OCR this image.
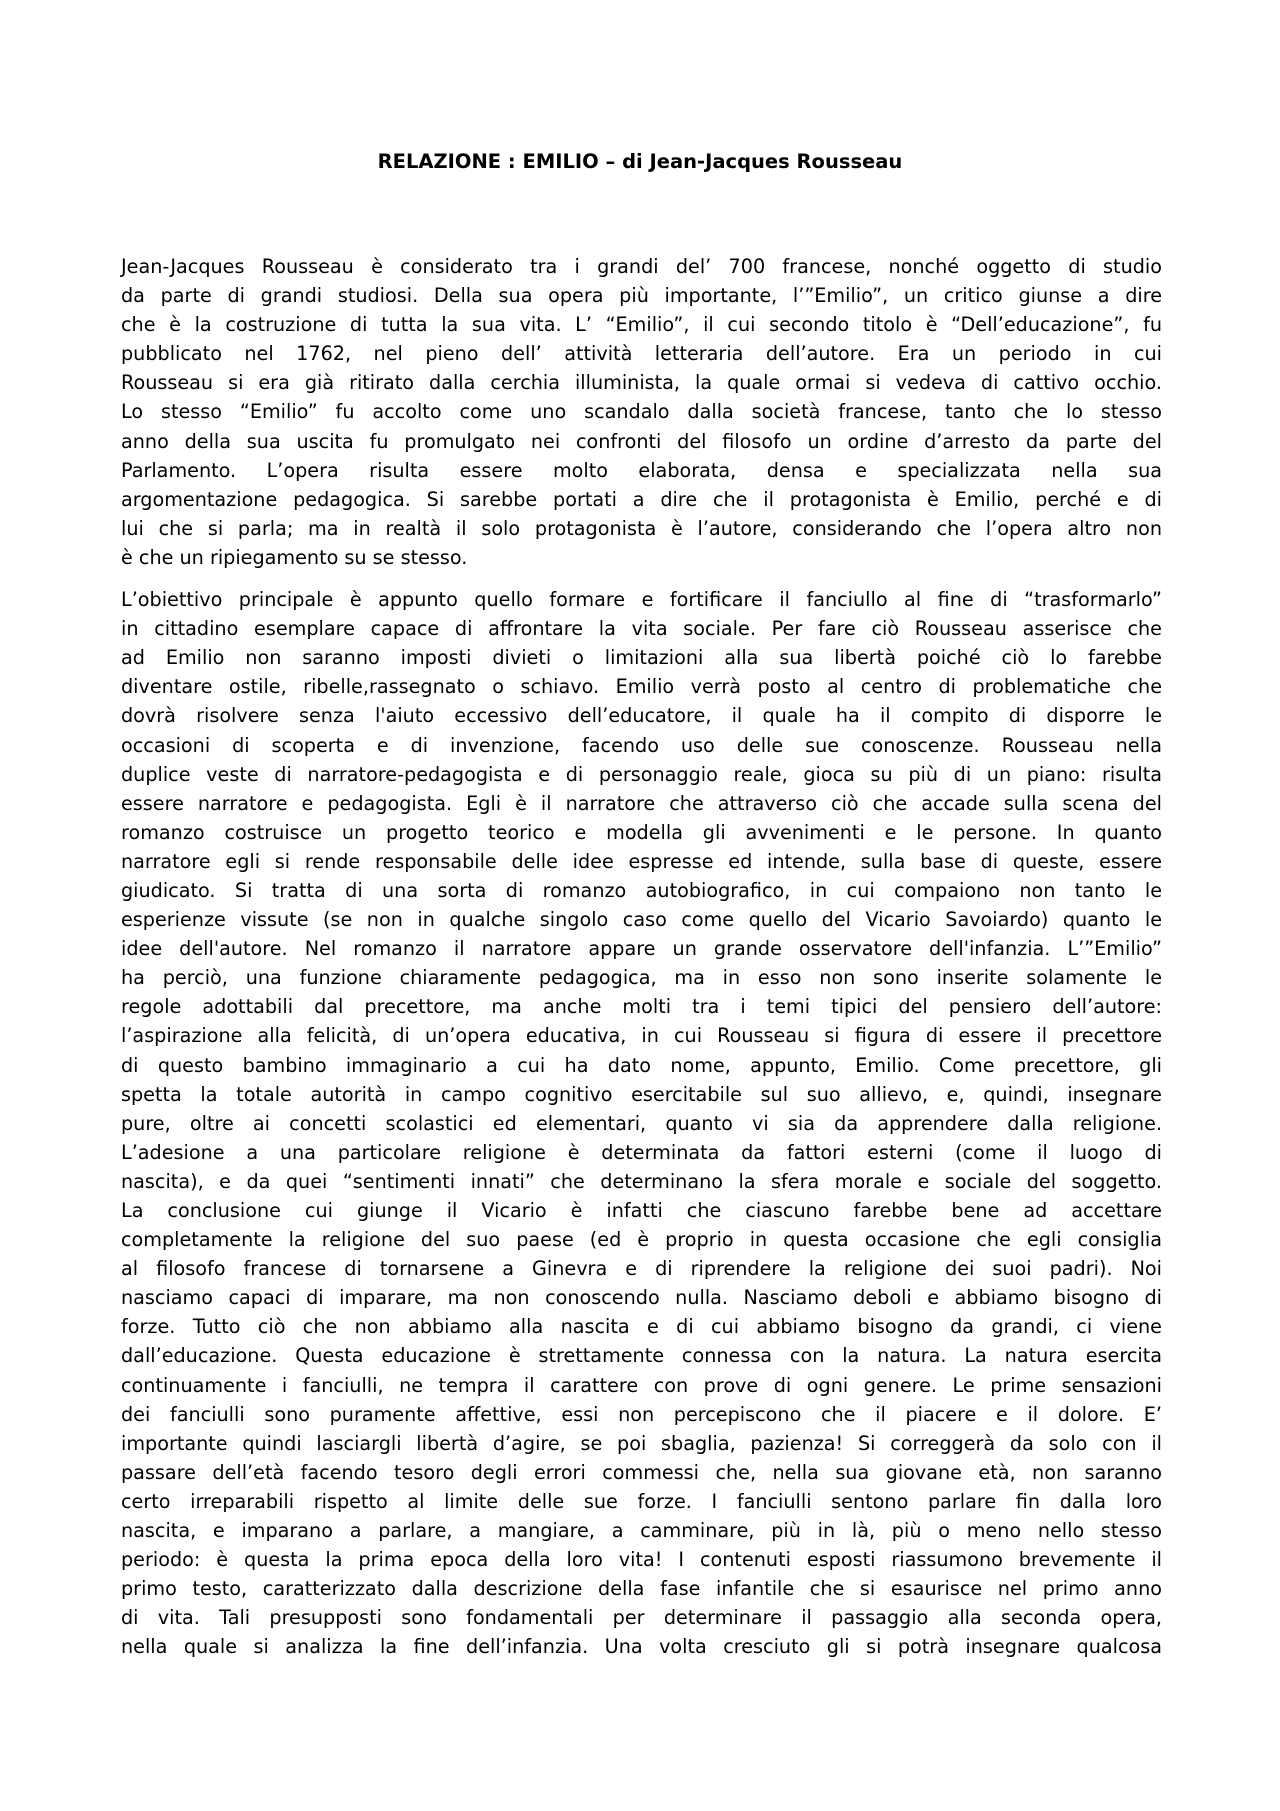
RELAZIONE : EMILIO – di Jean-Jacques Rousseau

Jean-Jacques Rousseau è considerato tra i grandi del’ 700 francese, nonché oggetto di studio
da parte di grandi studiosi. Della sua opera più importante, l’”Emilio”, un critico giunse a dire
che è la costruzione di tutta la sua vita. L’ “Emilio”, il cui secondo titolo è “Dell’educazione”, fu
pubblicato nel 1762, nel pieno dell’ attività letteraria dell’autore. Era un periodo in cui
Rousseau si era già ritirato dalla cerchia illuminista, la quale ormai si vedeva di cattivo occhio.
Lo stesso “Emilio” fu accolto come uno scandalo dalla società francese, tanto che lo stesso
anno della sua uscita fu promulgato nei confronti del filosofo un ordine d’arresto da parte del
Parlamento. L’opera risulta essere molto elaborata, densa e specializzata nella sua
argomentazione pedagogica. Si sarebbe portati a dire che il protagonista è Emilio, perché e di
lui che si parla; ma in realtà il solo protagonista è l’autore, considerando che l’opera altro non
è che un ripiegamento su se stesso.

L’obiettivo principale è appunto quello formare e fortificare il fanciullo al fine di “trasformarlo”
in cittadino esemplare capace di affrontare la vita sociale. Per fare ciò Rousseau asserisce che
ad Emilio non saranno imposti divieti o limitazioni alla sua libertà poiché ciò lo farebbe
diventare ostile, ribelle,rassegnato o schiavo. Emilio verrà posto al centro di problematiche che
dovrà risolvere senza l'aiuto eccessivo dell’educatore, il quale ha il compito di disporre le
occasioni di scoperta e di invenzione, facendo uso delle sue conoscenze. Rousseau nella
duplice veste di narratore-pedagogista e di personaggio reale, gioca su più di un piano: risulta
essere narratore e pedagogista. Egli è il narratore che attraverso ciò che accade sulla scena del
romanzo costruisce un progetto teorico e modella gli avvenimenti e le persone. In quanto
narratore egli si rende responsabile delle idee espresse ed intende, sulla base di queste, essere
giudicato. Si tratta di una sorta di romanzo autobiografico, in cui compaiono non tanto le
esperienze vissute (se non in qualche singolo caso come quello del Vicario Savoiardo) quanto le
idee dell'autore. Nel romanzo il narratore appare un grande osservatore dell'infanzia. L’”Emilio”
ha perciò, una funzione chiaramente pedagogica, ma in esso non sono inserite solamente le
regole adottabili dal precettore, ma anche molti tra i temi tipici del pensiero dell’autore:
l’aspirazione alla felicità, di un’opera educativa, in cui Rousseau si figura di essere il precettore
di questo bambino immaginario a cui ha dato nome, appunto, Emilio. Come precettore, gli
spetta la totale autorità in campo cognitivo esercitabile sul suo allievo, e, quindi, insegnare
pure, oltre ai concetti scolastici ed elementari, quanto vi sia da apprendere dalla religione.
L’adesione a una particolare religione è determinata da fattori esterni (come il luogo di
nascita), e da quei “sentimenti innati” che determinano la sfera morale e sociale del soggetto.
La conclusione cui giunge il Vicario è infatti che ciascuno farebbe bene ad accettare
completamente la religione del suo paese (ed è proprio in questa occasione che egli consiglia
al filosofo francese di tornarsene a Ginevra e di riprendere la religione dei suoi padri). Noi
nasciamo capaci di imparare, ma non conoscendo nulla. Nasciamo deboli e abbiamo bisogno di
forze. Tutto ciò che non abbiamo alla nascita e di cui abbiamo bisogno da grandi, ci viene
dall’educazione. Questa educazione è strettamente connessa con la natura. La natura esercita
continuamente i fanciulli, ne tempra il carattere con prove di ogni genere. Le prime sensazioni
dei fanciulli sono puramente affettive, essi non percepiscono che il piacere e il dolore. E’
importante quindi lasciargli libertà d’agire, se poi sbaglia, pazienza! Si correggerà da solo con il
passare dell’età facendo tesoro degli errori commessi che, nella sua giovane età, non saranno
certo irreparabili rispetto al limite delle sue forze. I fanciulli sentono parlare fin dalla loro
nascita, e imparano a parlare, a mangiare, a camminare, più in là, più o meno nello stesso
periodo: è questa la prima epoca della loro vita! I contenuti esposti riassumono brevemente il
primo testo, caratterizzato dalla descrizione della fase infantile che si esaurisce nel primo anno
di vita. Tali presupposti sono fondamentali per determinare il passaggio alla seconda opera,
nella quale si analizza la fine dell’infanzia. Una volta cresciuto gli si potrà insegnare qualcosa
